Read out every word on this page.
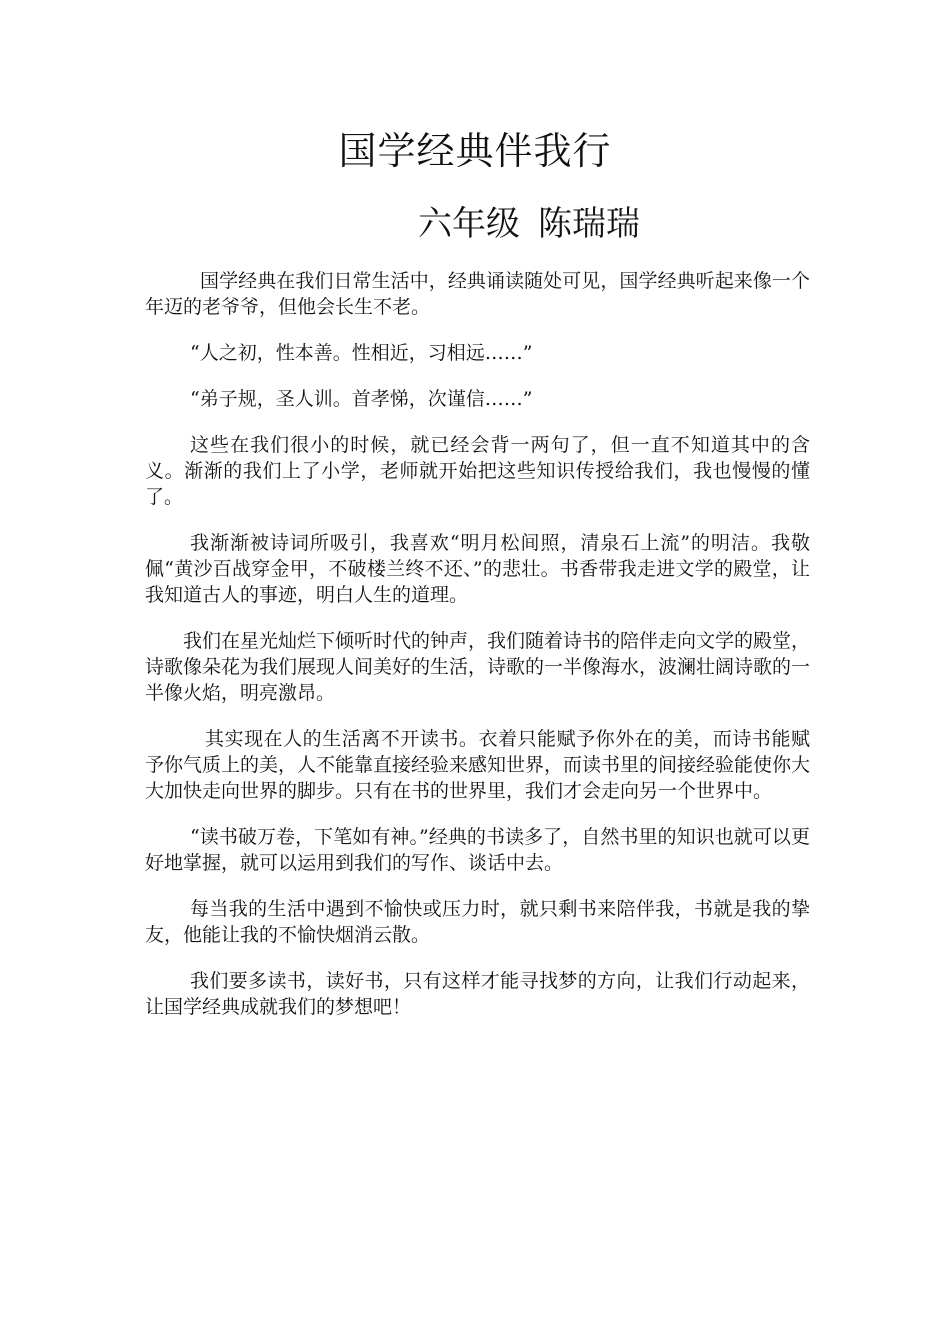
国学经典伴我行
六年级 陈瑞瑞

国学经典在我们日常生活中，经典诵读随处可见，国学经典听起来像一个年迈的老爷爷，但他会长生不老。

“人之初，性本善。性相近，习相远……”

“弟子规，圣人训。首孝悌，次谨信……”

这些在我们很小的时候，就已经会背一两句了，但一直不知道其中的含义。渐渐的我们上了小学，老师就开始把这些知识传授给我们，我也慢慢的懂了。

我渐渐被诗词所吸引，我喜欢“明月松间照，清泉石上流”的明洁。我敬佩“黄沙百战穿金甲，不破楼兰终不还、”的悲壮。书香带我走进文学的殿堂，让我知道古人的事迹，明白人生的道理。

我们在星光灿烂下倾听时代的钟声，我们随着诗书的陪伴走向文学的殿堂，诗歌像朵花为我们展现人间美好的生活，诗歌的一半像海水，波澜壮阔诗歌的一半像火焰，明亮激昂。

其实现在人的生活离不开读书。衣着只能赋予你外在的美，而诗书能赋予你气质上的美，人不能靠直接经验来感知世界，而读书里的间接经验能使你大大加快走向世界的脚步。只有在书的世界里，我们才会走向另一个世界中。

“读书破万卷，下笔如有神。”经典的书读多了，自然书里的知识也就可以更好地掌握，就可以运用到我们的写作、谈话中去。

每当我的生活中遇到不愉快或压力时，就只剩书来陪伴我，书就是我的挚友，他能让我的不愉快烟消云散。

我们要多读书，读好书，只有这样才能寻找梦的方向，让我们行动起来，让国学经典成就我们的梦想吧！
